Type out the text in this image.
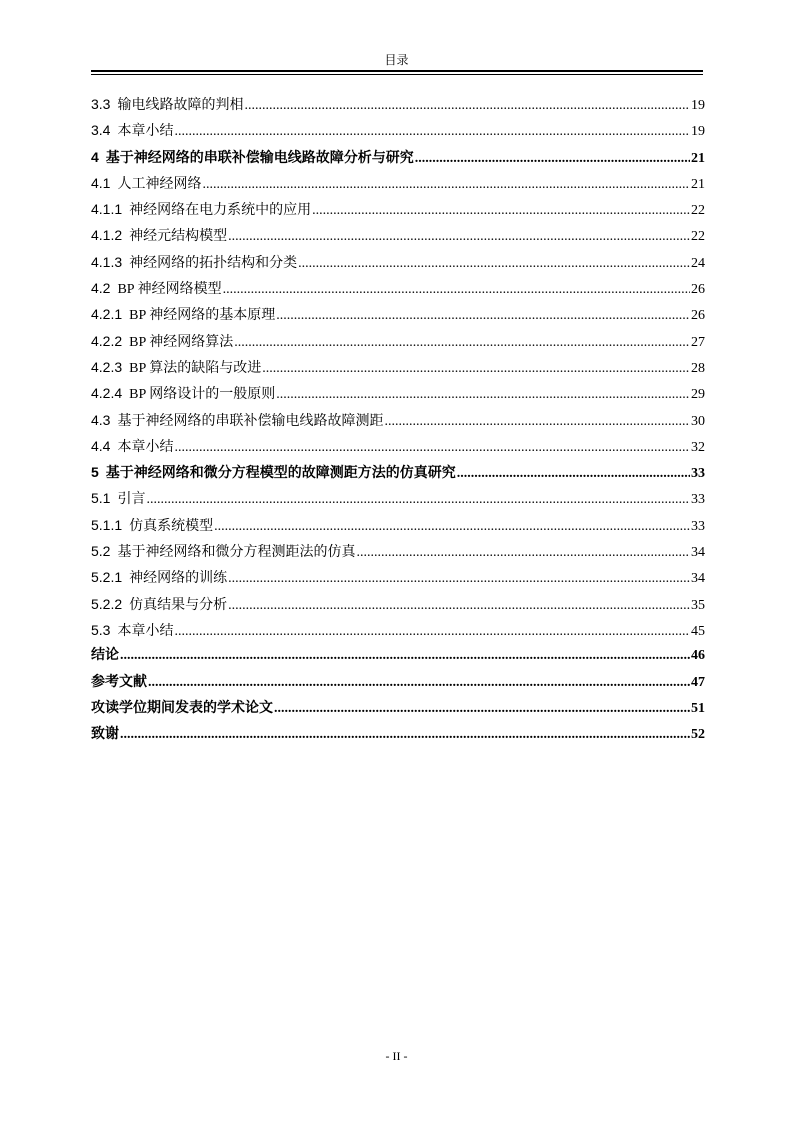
目录
3.3 输电线路故障的判相 .....	19
3.4 本章小结 .....	19
4 基于神经网络的串联补偿输电线路故障分析与研究 .....	21
4.1 人工神经网络 .....	21
4.1.1 神经网络在电力系统中的应用 .....	22
4.1.2 神经元结构模型 .....	22
4.1.3 神经网络的拓扑结构和分类 .....	24
4.2 BP 神经网络模型 .....	26
4.2.1 BP 神经网络的基本原理 .....	26
4.2.2 BP 神经网络算法 .....	27
4.2.3 BP 算法的缺陷与改进 .....	28
4.2.4 BP 网络设计的一般原则 .....	29
4.3 基于神经网络的串联补偿输电线路故障测距 .....	30
4.4 本章小结 .....	32
5 基于神经网络和微分方程模型的故障测距方法的仿真研究 .....	33
5.1 引言 .....	33
5.1.1 仿真系统模型 .....	33
5.2 基于神经网络和微分方程测距法的仿真 .....	34
5.2.1 神经网络的训练 .....	34
5.2.2 仿真结果与分析 .....	35
5.3 本章小结 .....	45
结论 .....	46
参考文献 .....	47
攻读学位期间发表的学术论文 .....	51
致谢 .....	52
- II -
